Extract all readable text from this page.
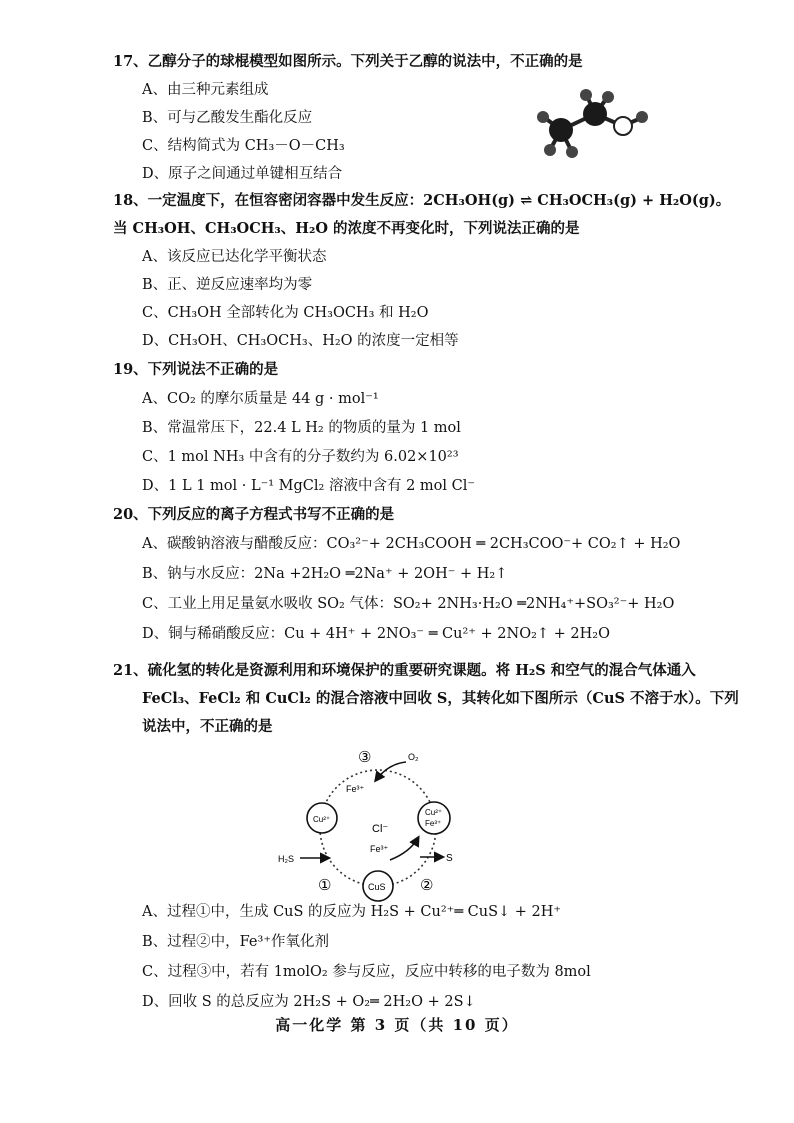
17、乙醇分子的球棍模型如图所示。下列关于乙醇的说法中，不正确的是
A、由三种元素组成
B、可与乙酸发生酯化反应
C、结构简式为 CH₃－O－CH₃
D、原子之间通过单键相互结合
18、一定温度下，在恒容密闭容器中发生反应：2CH₃OH(g) ⇌ CH₃OCH₃(g) + H₂O(g)。
当 CH₃OH、CH₃OCH₃、H₂O 的浓度不再变化时，下列说法正确的是
A、该反应已达化学平衡状态
B、正、逆反应速率均为零
C、CH₃OH 全部转化为 CH₃OCH₃ 和 H₂O
D、CH₃OH、CH₃OCH₃、H₂O 的浓度一定相等
19、下列说法不正确的是
A、CO₂ 的摩尔质量是 44 g · mol⁻¹
B、常温常压下，22.4 L H₂ 的物质的量为 1 mol
C、1 mol NH₃ 中含有的分子数约为 6.02×10²³
D、1 L 1 mol · L⁻¹ MgCl₂ 溶液中含有 2 mol Cl⁻
20、下列反应的离子方程式书写不正确的是
A、碳酸钠溶液与醋酸反应：CO₃²⁻+ 2CH₃COOH ═ 2CH₃COO⁻+ CO₂↑ + H₂O
B、钠与水反应：2Na +2H₂O ═2Na⁺ + 2OH⁻ + H₂↑
C、工业上用足量氨水吸收 SO₂ 气体：SO₂+ 2NH₃·H₂O ═2NH₄⁺+SO₃²⁻+ H₂O
D、铜与稀硝酸反应：Cu + 4H⁺ + 2NO₃⁻ ═ Cu²⁺ + 2NO₂↑ + 2H₂O
21、硫化氢的转化是资源利用和环境保护的重要研究课题。将 H₂S 和空气的混合气体通入
FeCl₃、FeCl₂ 和 CuCl₂ 的混合溶液中回收 S，其转化如下图所示（CuS 不溶于水）。下列
说法中，不正确的是
O₂
Fe³⁺
Cu²⁺
Cl⁻
Cu²⁺
Fe³⁺
Fe³⁺
H₂S	S
CuS
①	②
③
A、过程①中，生成 CuS 的反应为 H₂S + Cu²⁺═ CuS↓ + 2H⁺
B、过程②中，Fe³⁺作氧化剂
C、过程③中，若有 1molO₂ 参与反应，反应中转移的电子数为 8mol
D、回收 S 的总反应为 2H₂S + O₂═ 2H₂O + 2S↓
高一化学 第 3 页（共 10 页）
